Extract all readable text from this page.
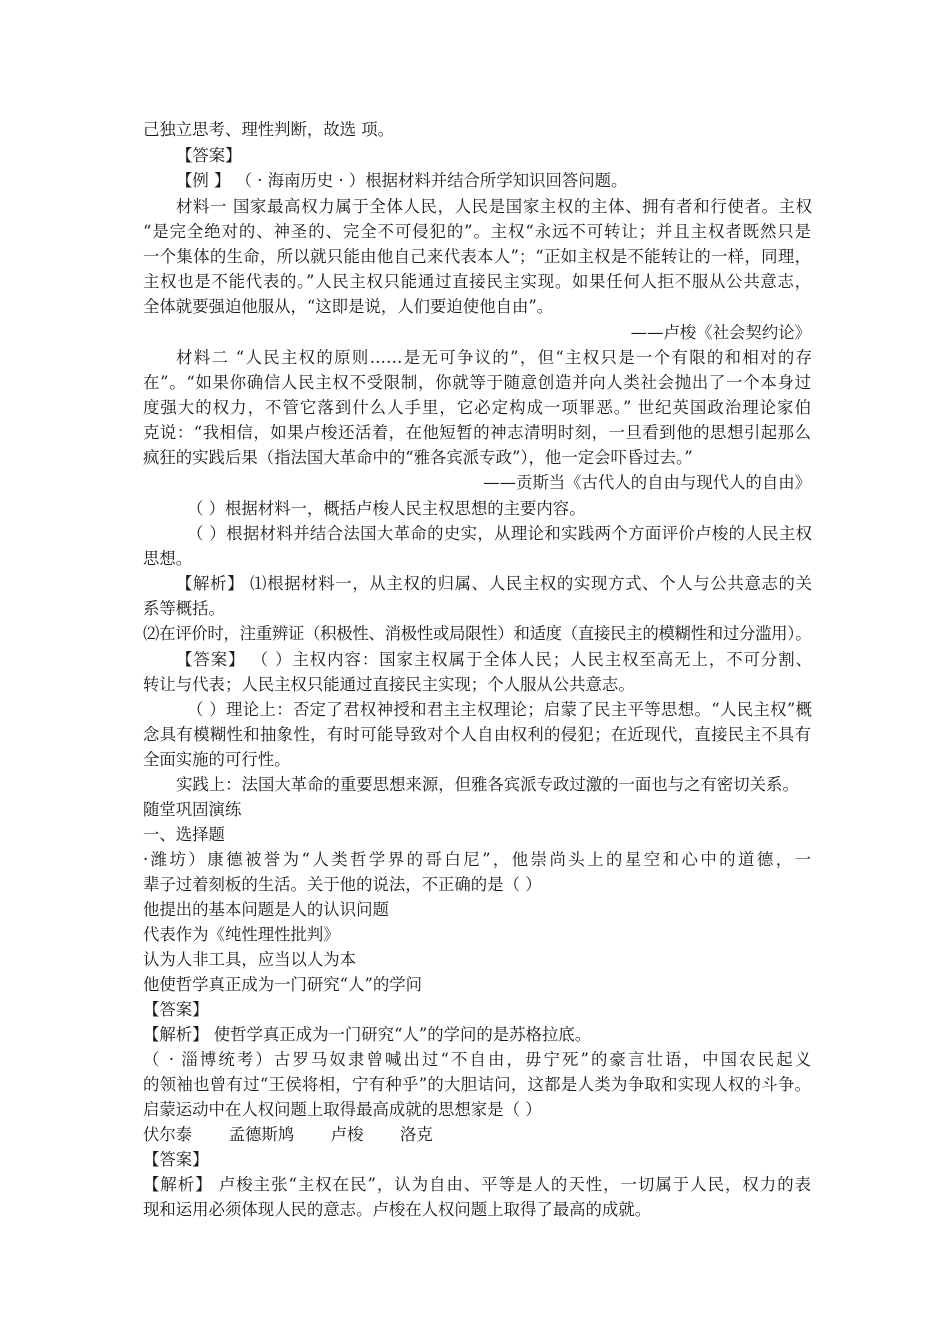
己独立思考、理性判断，故选 项。
【答案】
【例 】 （ · 海南历史 · ）根据材料并结合所学知识回答问题。
材料一 国家最高权力属于全体人民，人民是国家主权的主体、拥有者和行使者。主权
“是完全绝对的、神圣的、完全不可侵犯的”。主权“永远不可转让；并且主权者既然只是
一个集体的生命，所以就只能由他自己来代表本人”；“正如主权是不能转让的一样，同理，
主权也是不能代表的。”人民主权只能通过直接民主实现。如果任何人拒不服从公共意志，
全体就要强迫他服从，“这即是说，人们要迫使他自由”。
——卢梭《社会契约论》
材料二 “人民主权的原则……是无可争议的”，但“主权只是一个有限的和相对的存
在”。“如果你确信人民主权不受限制，你就等于随意创造并向人类社会抛出了一个本身过
度强大的权力，不管它落到什么人手里，它必定构成一项罪恶。” 世纪英国政治理论家伯
克说：“我相信，如果卢梭还活着，在他短暂的神志清明时刻，一旦看到他的思想引起那么
疯狂的实践后果（指法国大革命中的“雅各宾派专政”），他一定会吓昏过去。”
——贡斯当《古代人的自由与现代人的自由》
（ ）根据材料一，概括卢梭人民主权思想的主要内容。
（ ）根据材料并结合法国大革命的史实，从理论和实践两个方面评价卢梭的人民主权
思想。
【解析】 ⑴根据材料一，从主权的归属、人民主权的实现方式、个人与公共意志的关
系等概括。
⑵在评价时，注重辨证（积极性、消极性或局限性）和适度（直接民主的模糊性和过分滥用）。
【答案】 （ ）主权内容：国家主权属于全体人民；人民主权至高无上，不可分割、
转让与代表；人民主权只能通过直接民主实现；个人服从公共意志。
（ ）理论上：否定了君权神授和君主主权理论；启蒙了民主平等思想。“人民主权”概
念具有模糊性和抽象性，有时可能导致对个人自由权利的侵犯；在近现代，直接民主不具有
全面实施的可行性。
实践上：法国大革命的重要思想来源，但雅各宾派专政过激的一面也与之有密切关系。
随堂巩固演练
一、选择题
·潍坊）康德被誉为“人类哲学界的哥白尼”，他崇尚头上的星空和心中的道德，一
辈子过着刻板的生活。关于他的说法，不正确的是（ ）
他提出的基本问题是人的认识问题
代表作为《纯性理性批判》
认为人非工具，应当以人为本
他使哲学真正成为一门研究“人”的学问
【答案】
【解析】 使哲学真正成为一门研究“人”的学问的是苏格拉底。
（ · 淄博统考）古罗马奴隶曾喊出过“不自由，毋宁死”的豪言壮语，中国农民起义
的领袖也曾有过“王侯将相，宁有种乎”的大胆诘问，这都是人类为争取和实现人权的斗争。
启蒙运动中在人权问题上取得最高成就的思想家是（ ）
伏尔泰       孟德斯鸠       卢梭       洛克
【答案】
【解析】 卢梭主张“主权在民”，认为自由、平等是人的天性，一切属于人民，权力的表
现和运用必须体现人民的意志。卢梭在人权问题上取得了最高的成就。
